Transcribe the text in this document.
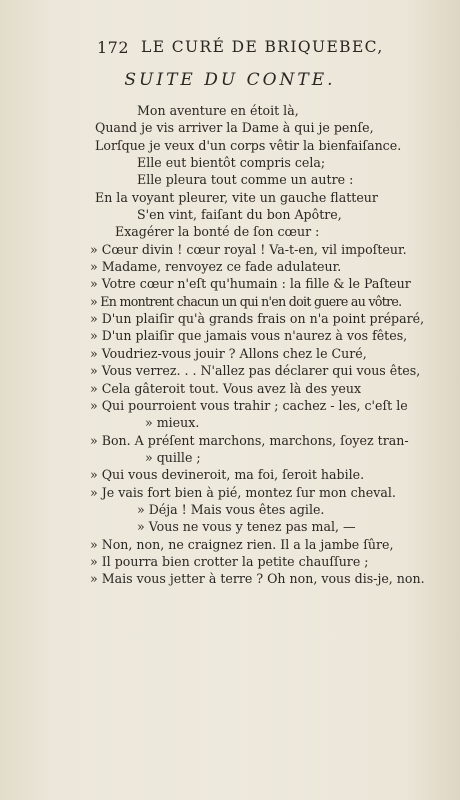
172 LE CURÉ DE BRIQUEBEC,
SUITE DU CONTE.
Mon aventure en étoit là,
Quand je vis arriver la Dame à qui je penſe,
Lorſque je veux d'un corps vêtir la bienfaiſance.
Elle eut bientôt compris cela;
Elle pleura tout comme un autre :
En la voyant pleurer, vite un gauche flatteur
S'en vint, faiſant du bon Apôtre,
Exagérer la bonté de ſon cœur :
» Cœur divin ! cœur royal ! Va-t-en, vil impoſteur.
» Madame, renvoyez ce fade adulateur.
» Votre cœur n'eſt qu'humain : la fille & le Paſteur
» En montrent chacun un qui n'en doit guere au vôtre.
» D'un plaiſir qu'à grands frais on n'a point préparé,
» D'un plaiſir que jamais vous n'aurez à vos fêtes,
» Voudriez-vous jouir ? Allons chez le Curé,
» Vous verrez. . . N'allez pas déclarer qui vous êtes,
» Cela gâteroit tout. Vous avez là des yeux
» Qui pourroient vous trahir ; cachez - les, c'eſt le
» mieux.
» Bon. A préſent marchons, marchons, ſoyez tran-
» quille ;
» Qui vous devineroit, ma foi, ſeroit habile.
» Je vais fort bien à pié, montez ſur mon cheval.
» Déja ! Mais vous êtes agile.
» Vous ne vous y tenez pas mal, —
» Non, non, ne craignez rien. Il a la jambe ſûre,
» Il pourra bien crotter la petite chauſſure ;
» Mais vous jetter à terre ? Oh non, vous dis-je, non.
